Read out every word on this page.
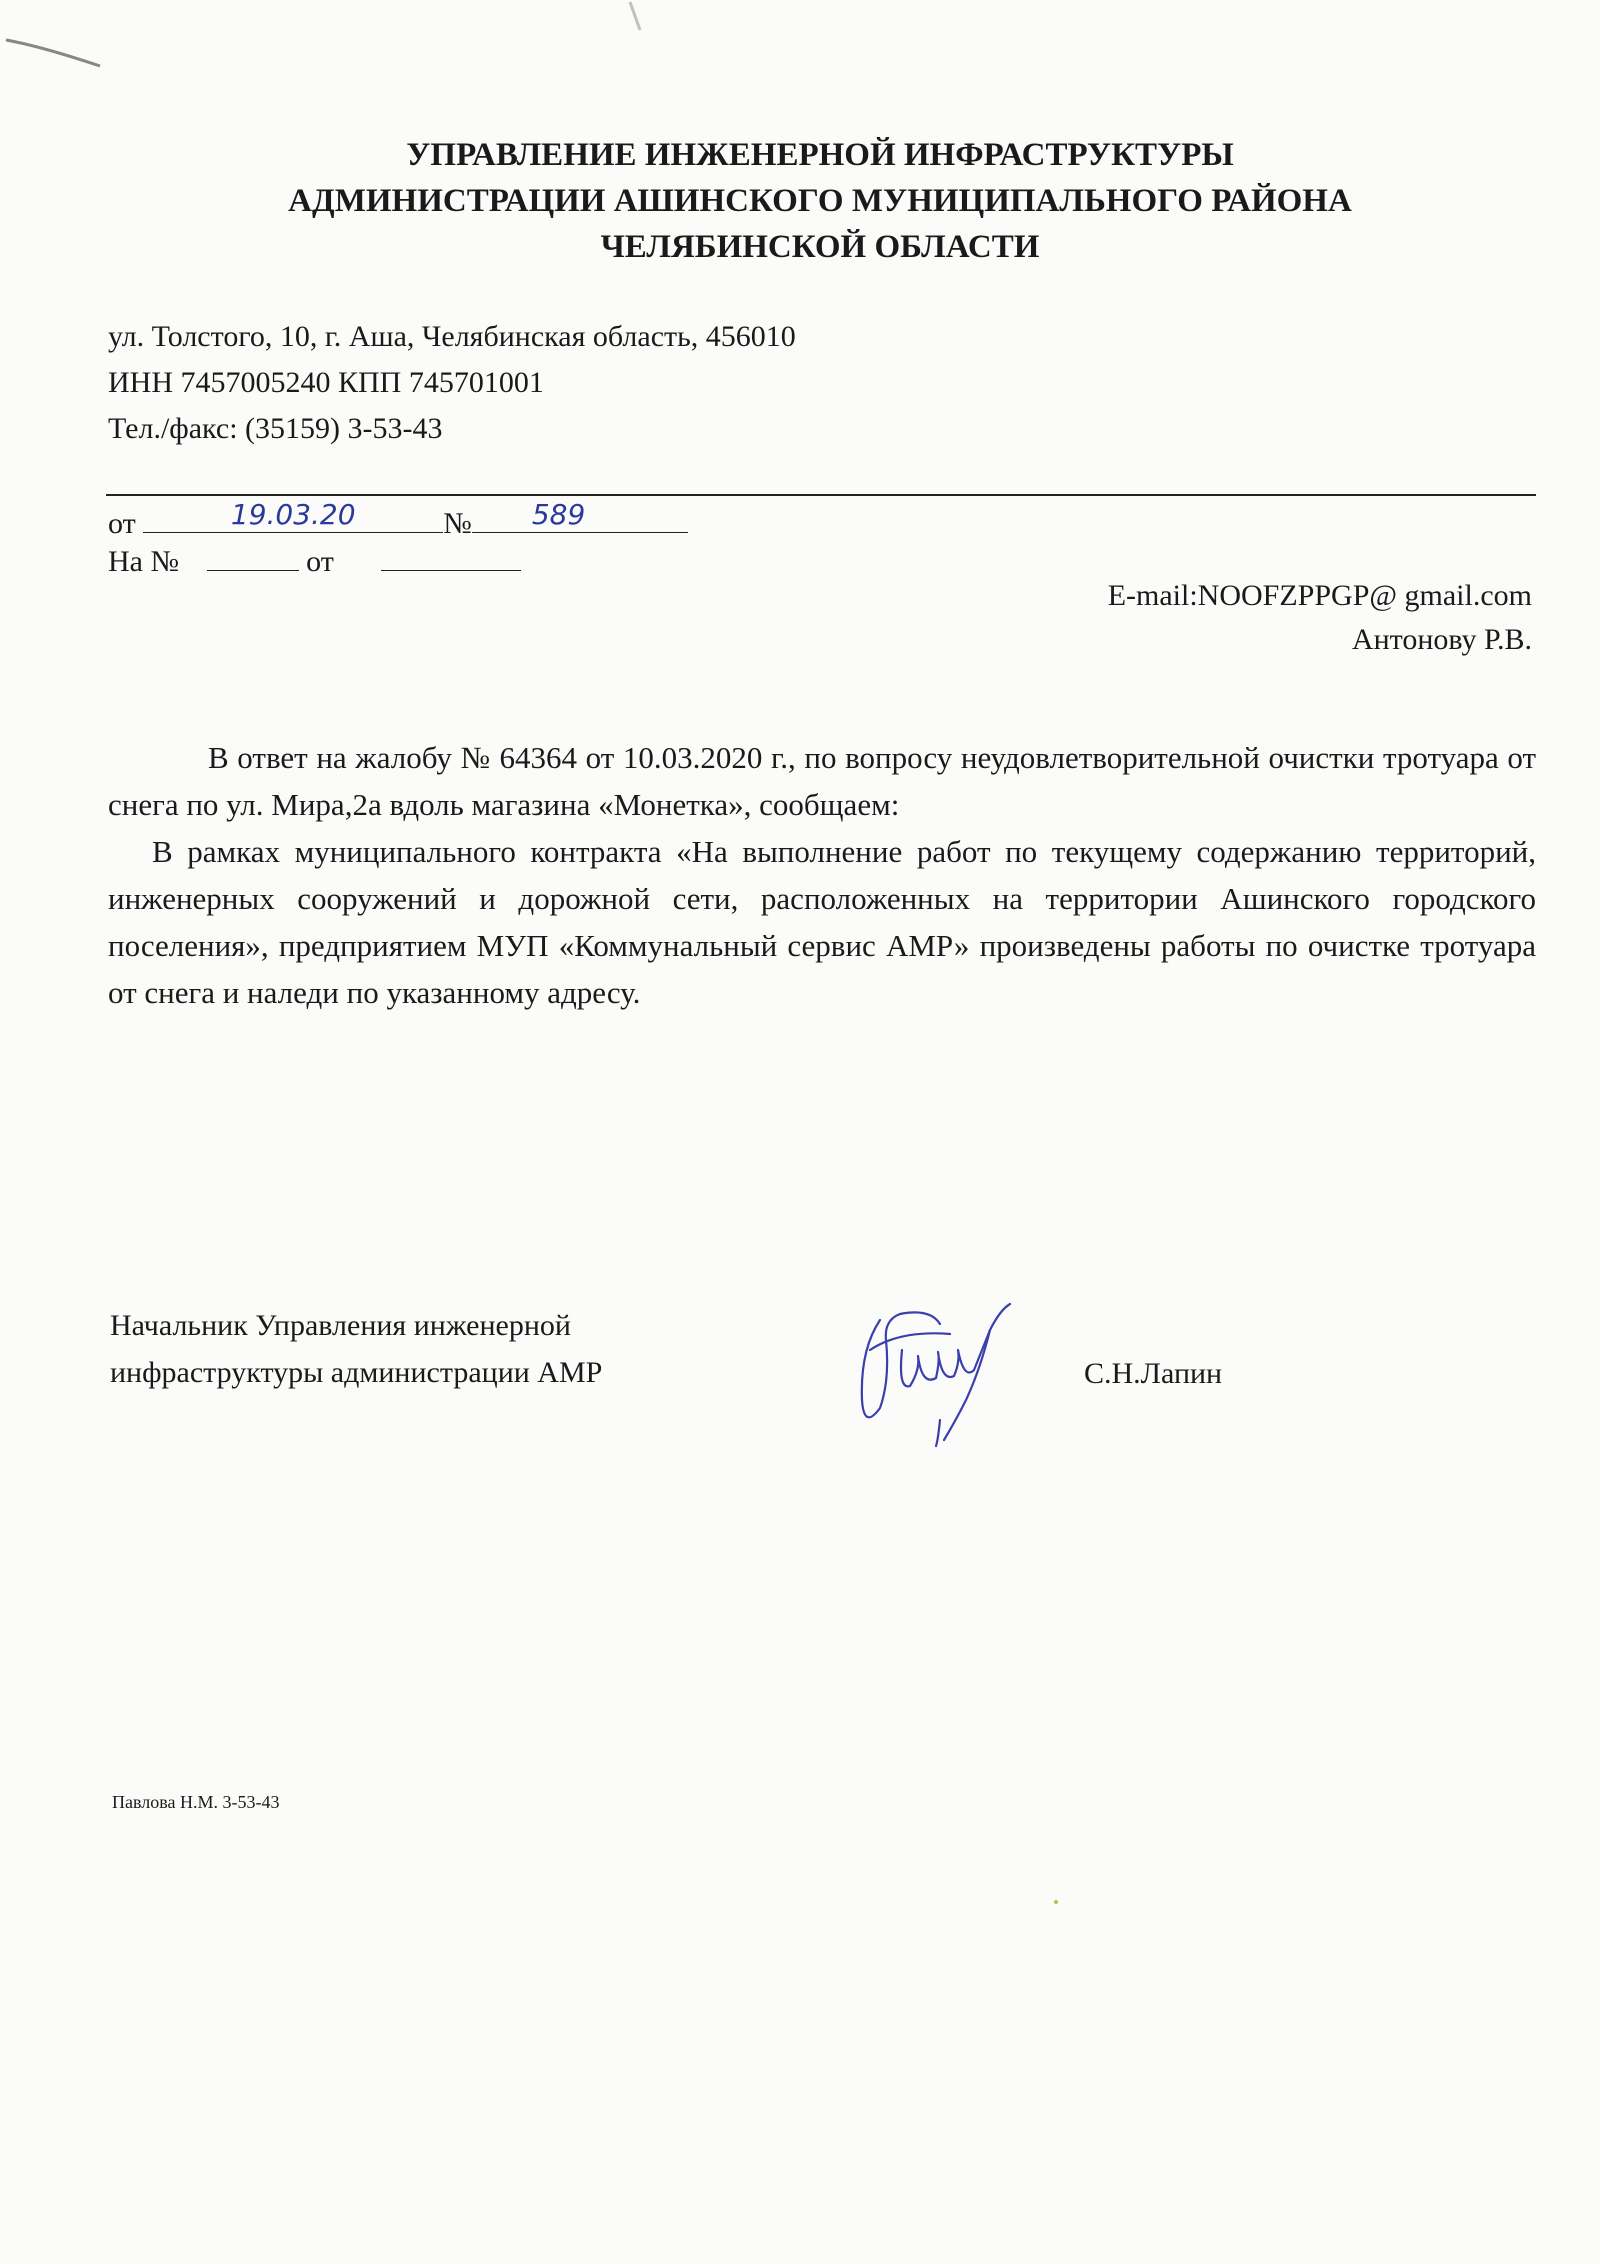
УПРАВЛЕНИЕ ИНЖЕНЕРНОЙ ИНФРАСТРУКТУРЫ
АДМИНИСТРАЦИИ АШИНСКОГО МУНИЦИПАЛЬНОГО РАЙОНА
ЧЕЛЯБИНСКОЙ ОБЛАСТИ
ул. Толстого, 10, г. Аша, Челябинская область, 456010
ИНН 7457005240 КПП 745701001
Тел./факс: (35159) 3-53-43
от	19.03.20	№	589
На №	от
E-mail:NOOFZPPGP@ gmail.com
Антонову Р.В.

В ответ на жалобу № 64364 от 10.03.2020 г., по вопросу неудовлетворительной очистки тротуара от снега по ул. Мира,2а вдоль магазина «Монетка», сообщаем:

В рамках муниципального контракта «На выполнение работ по текущему содержанию территорий, инженерных сооружений и дорожной сети, расположенных на территории Ашинского городского поселения», предприятием МУП «Коммунальный сервис АМР» произведены работы по очистке тротуара от снега и наледи по указанному адресу.

Начальник Управления инженерной
инфраструктуры администрации АМР	С.Н.Лапин
Павлова Н.М. 3-53-43
